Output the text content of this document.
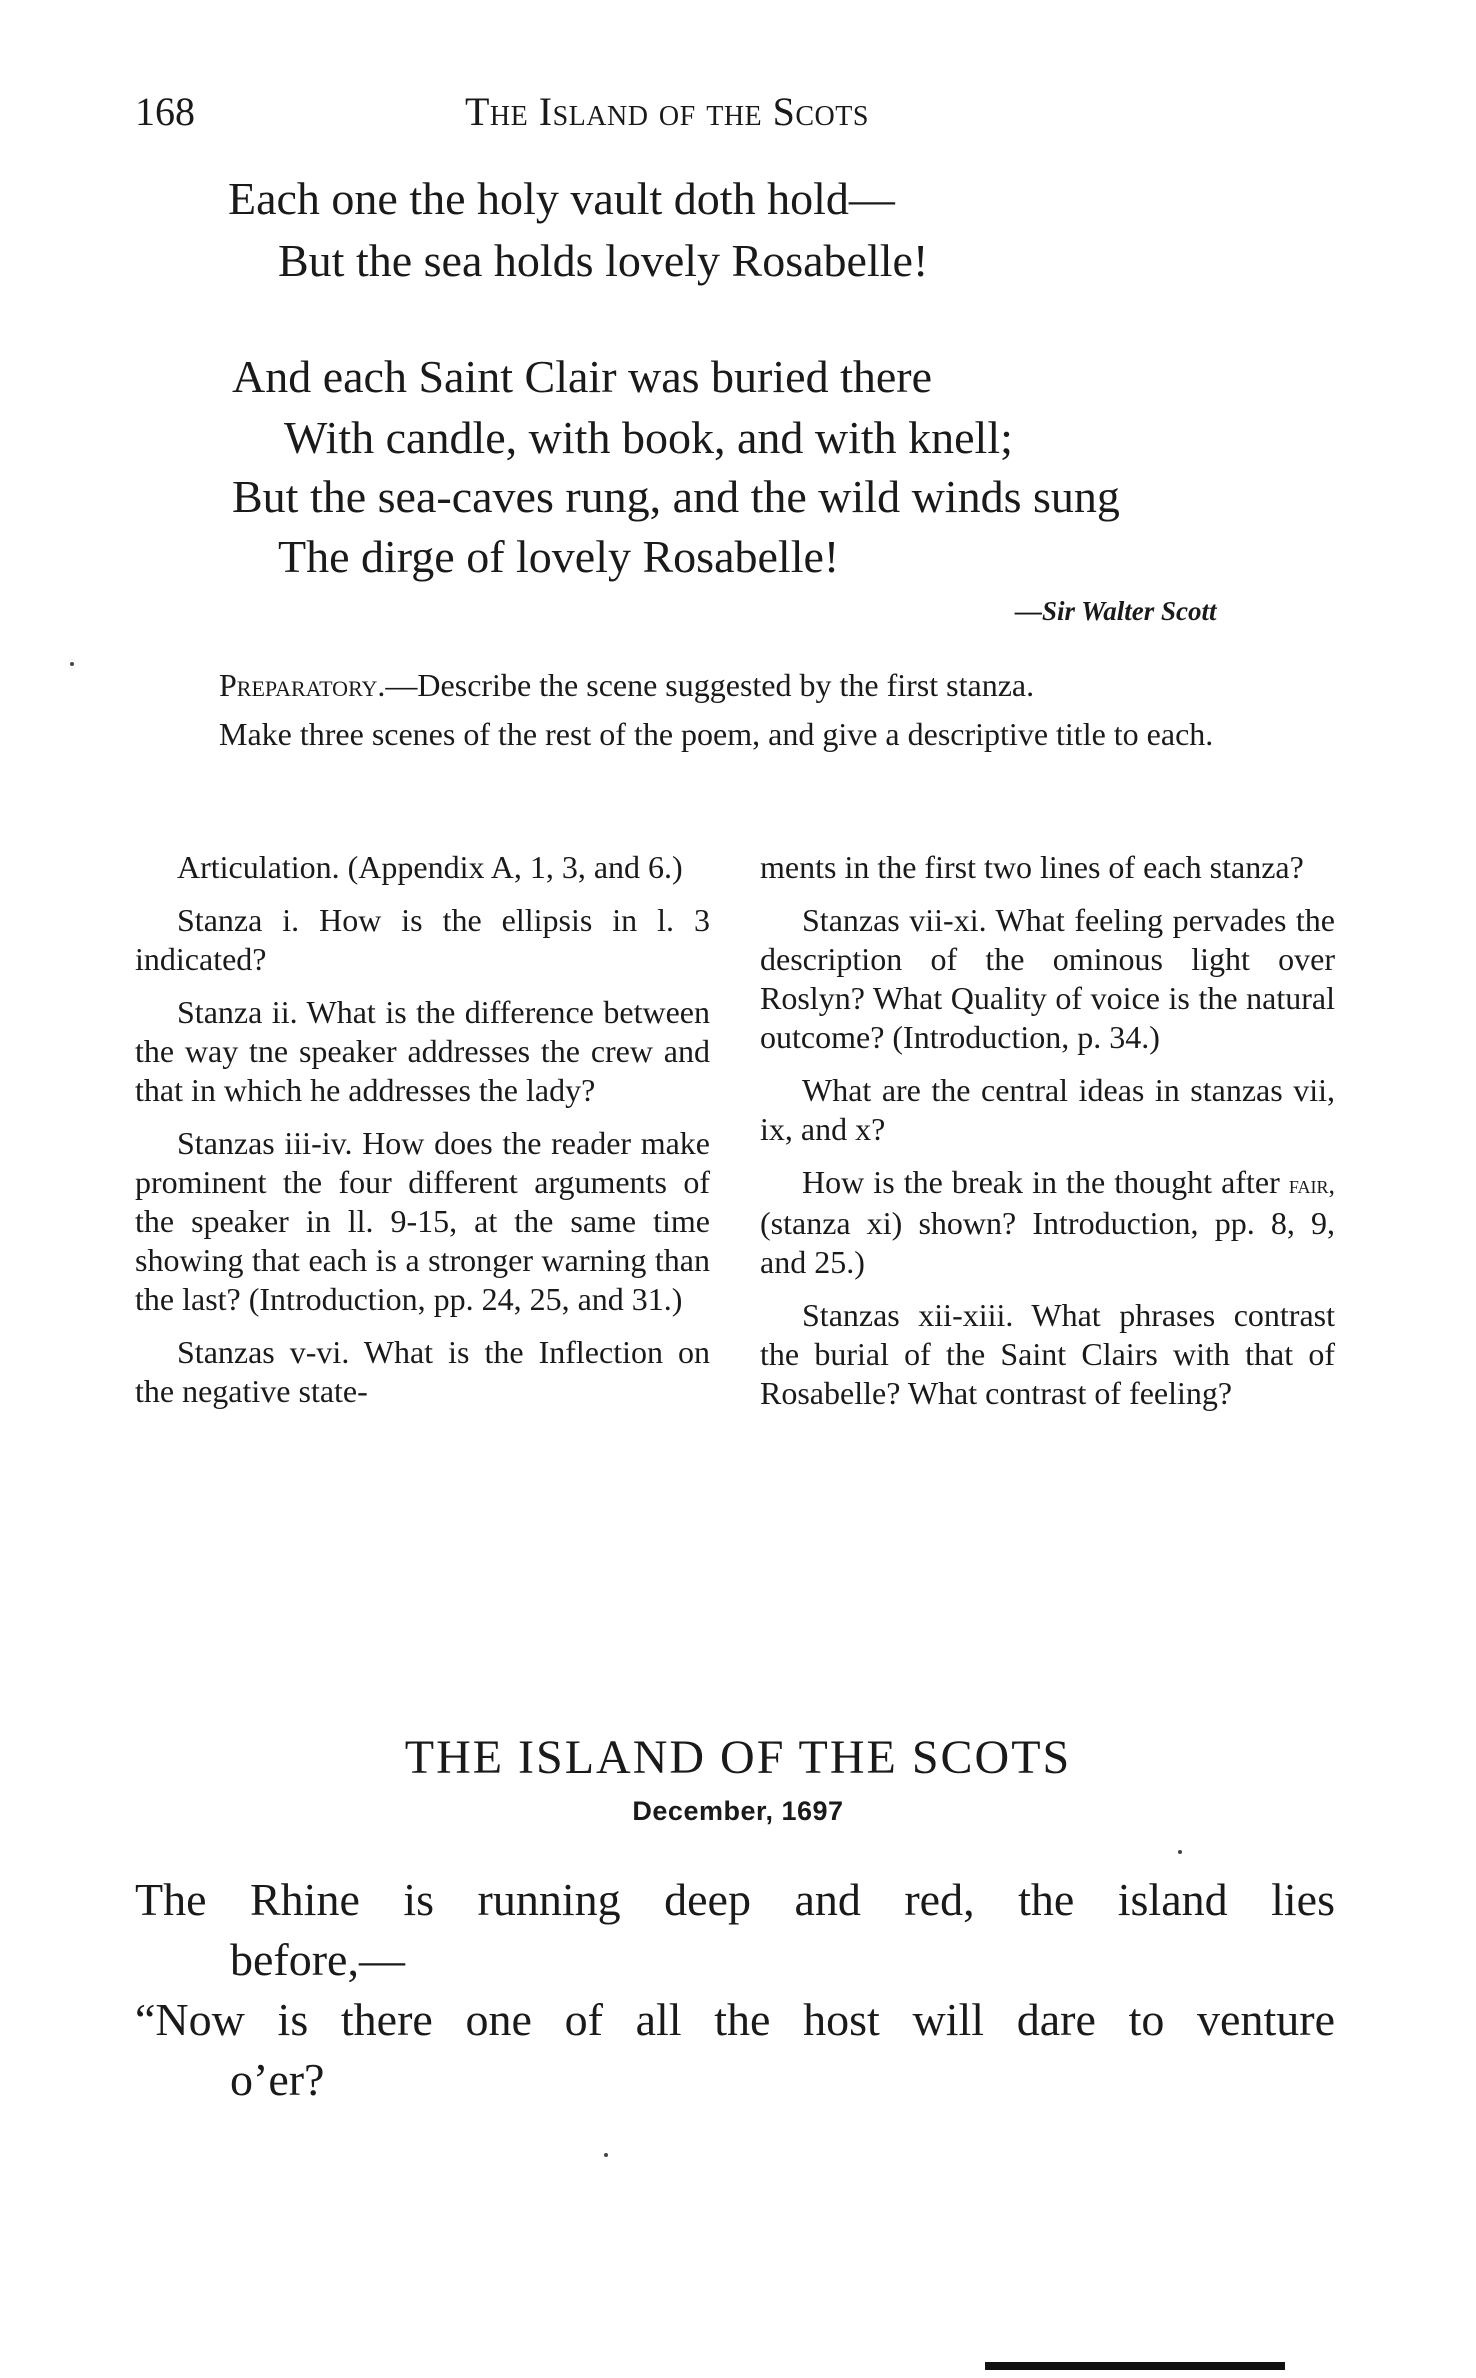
168	The Island of the Scots
Each one the holy vault doth hold—
But the sea holds lovely Rosabelle!
And each Saint Clair was buried there
With candle, with book, and with knell;
But the sea-caves rung, and the wild winds sung
The dirge of lovely Rosabelle!
—Sir Walter Scott
Preparatory.—Describe the scene suggested by the first stanza.
Make three scenes of the rest of the poem, and give a descriptive title to each.

Articulation. (Appendix A, 1, 3, and 6.)

Stanza i. How is the ellipsis in l. 3 indicated?

Stanza ii. What is the difference between the way tne speaker addresses the crew and that in which he addresses the lady?

Stanzas iii-iv. How does the reader make prominent the four different arguments of the speaker in ll. 9-15, at the same time showing that each is a stronger warning than the last? (Introduction, pp. 24, 25, and 31.)

Stanzas v-vi. What is the Inflection on the negative state-

ments in the first two lines of each stanza?

Stanzas vii-xi. What feeling pervades the description of the ominous light over Roslyn? What Quality of voice is the natural outcome? (Introduction, p. 34.)

What are the central ideas in stanzas vii, ix, and x?

How is the break in the thought after fair, (stanza xi) shown? Introduction, pp. 8, 9, and 25.)

Stanzas xii-xiii. What phrases contrast the burial of the Saint Clairs with that of Rosabelle? What contrast of feeling?

THE ISLAND OF THE SCOTS
December, 1697
The Rhine is running deep and red, the island lies
before,—
“Now is there one of all the host will dare to venture
o’er?
